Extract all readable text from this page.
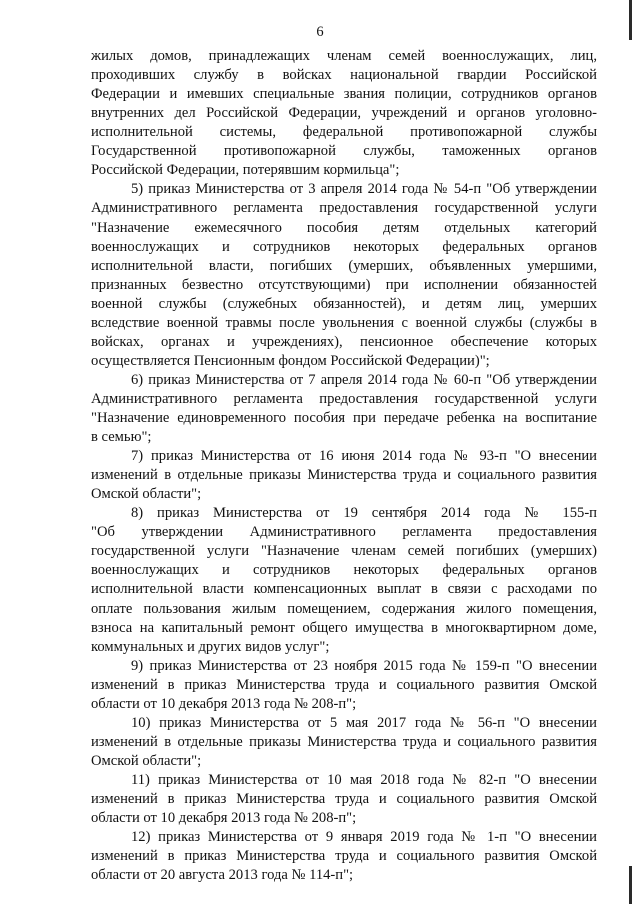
6
жилых домов, принадлежащих членам семей военнослужащих, лиц,
проходивших службу в войсках национальной гвардии Российской
Федерации и имевших специальные звания полиции, сотрудников органов
внутренних дел Российской Федерации, учреждений и органов уголовно-
исполнительной системы, федеральной противопожарной службы
Государственной противопожарной службы, таможенных органов
Российской Федерации, потерявшим кормильца";
5) приказ Министерства от 3 апреля 2014 года № 54-п "Об утверждении
Административного регламента предоставления государственной услуги
"Назначение ежемесячного пособия детям отдельных категорий
военнослужащих и сотрудников некоторых федеральных органов
исполнительной власти, погибших (умерших, объявленных умершими,
признанных безвестно отсутствующими) при исполнении обязанностей
военной службы (служебных обязанностей), и детям лиц, умерших
вследствие военной травмы после увольнения с военной службы (службы в
войсках, органах и учреждениях), пенсионное обеспечение которых
осуществляется Пенсионным фондом Российской Федерации)";
6) приказ Министерства от 7 апреля 2014 года № 60-п "Об утверждении
Административного регламента предоставления государственной услуги
"Назначение единовременного пособия при передаче ребенка на воспитание
в семью";
7) приказ Министерства от 16 июня 2014 года № 93-п "О внесении
изменений в отдельные приказы Министерства труда и социального развития
Омской области";
8) приказ Министерства от 19 сентября 2014 года № 155-п
"Об утверждении Административного регламента предоставления
государственной услуги "Назначение членам семей погибших (умерших)
военнослужащих и сотрудников некоторых федеральных органов
исполнительной власти компенсационных выплат в связи с расходами по
оплате пользования жилым помещением, содержания жилого помещения,
взноса на капитальный ремонт общего имущества в многоквартирном доме,
коммунальных и других видов услуг";
9) приказ Министерства от 23 ноября 2015 года № 159-п "О внесении
изменений в приказ Министерства труда и социального развития Омской
области от 10 декабря 2013 года № 208-п";
10) приказ Министерства от 5 мая 2017 года № 56-п "О внесении
изменений в отдельные приказы Министерства труда и социального развития
Омской области";
11) приказ Министерства от 10 мая 2018 года № 82-п "О внесении
изменений в приказ Министерства труда и социального развития Омской
области от 10 декабря 2013 года № 208-п";
12) приказ Министерства от 9 января 2019 года № 1-п "О внесении
изменений в приказ Министерства труда и социального развития Омской
области от 20 августа 2013 года № 114-п";
